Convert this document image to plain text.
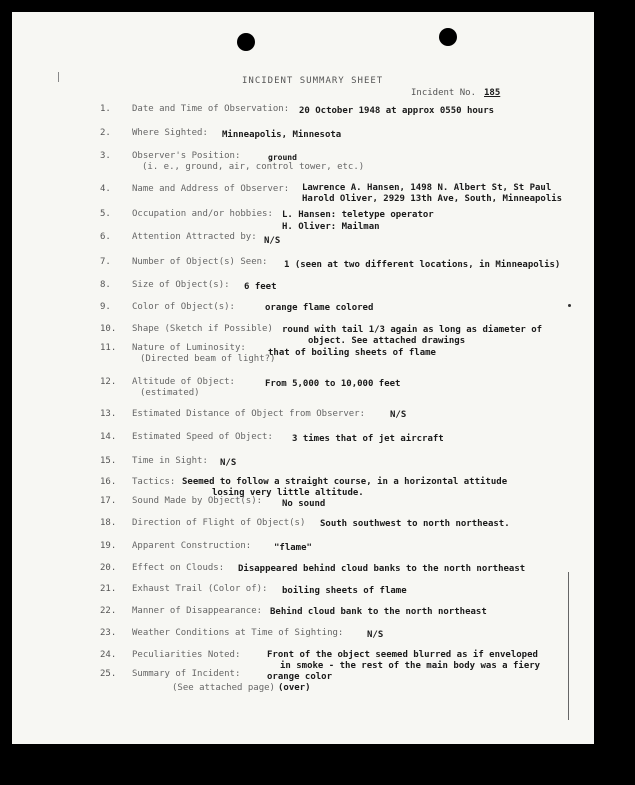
INCIDENT SUMMARY SHEET
Incident No. 185
1. Date and Time of Observation: 20 October 1948 at approx 0550 hours
2. Where Sighted: Minneapolis, Minnesota
3. Observer's Position:
(i. e., ground, air, control tower, etc.)
ground
4. Name and Address of Observer: Lawrence A. Hansen, 1498 N. Albert St, St Paul
Harold Oliver, 2929 13th Ave, South, Minneapolis
5. Occupation and/or hobbies: L. Hansen: teletype operator
H. Oliver: Mailman
6. Attention Attracted by: N/S
7. Number of Object(s) Seen: 1 (seen at two different locations, in Minneapolis)
8. Size of Object(s): 6 feet
9. Color of Object(s):	orange flame colored
10. Shape (Sketch if Possible) round with tail 1/3 again as long as diameter of
object. See attached drawings
11. Nature of Luminosity:
(Directed beam of light?)
that of boiling sheets of flame
12. Altitude of Object:
(estimated)
From 5,000 to 10,000 feet
13. Estimated Distance of Object from Observer:	N/S
14. Estimated Speed of Object: 3 times that of jet aircraft
15. Time in Sight: N/S
16. Tactics: Seemed to follow a straight course, in a horizontal attitude
losing very little altitude.
17. Sound Made by Object(s): No sound
18. Direction of Flight of Object(s) South southwest to north northeast.
19. Apparent Construction:	"flame"
20. Effect on Clouds: Disappeared behind cloud banks to the north northeast
21. Exhaust Trail (Color of): boiling sheets of flame
22. Manner of Disappearance: Behind cloud bank to the north northeast
23. Weather Conditions at Time of Sighting:	N/S
24. Peculiarities Noted:	Front of the object seemed blurred as if enveloped
in smoke - the rest of the main body was a fiery
orange color
25. Summary of Incident:
(See attached page) (over)
